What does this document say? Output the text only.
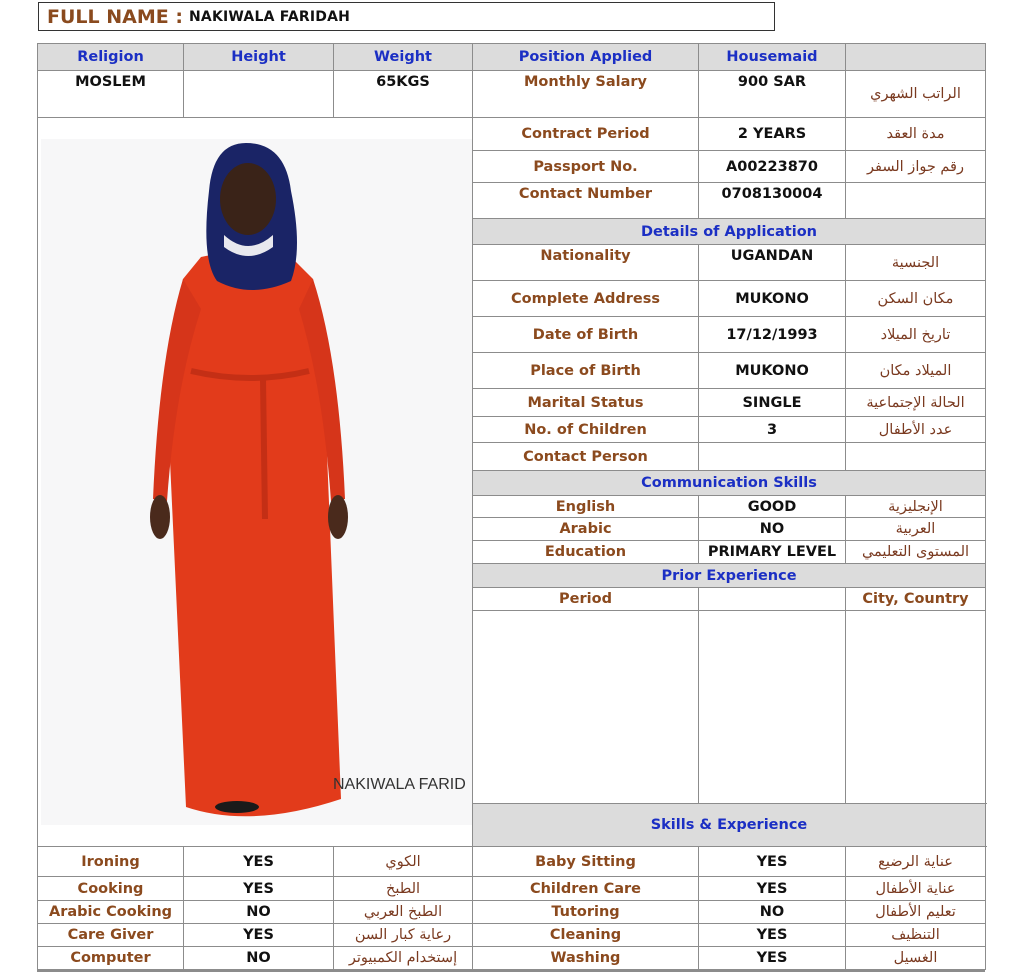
FULL NAME : NAKIWALA FARIDAH
Religion	Height	Weight	Position Applied	Housemaid		
MOSLEM		65KGS	Monthly Salary	900 SAR	الراتب الشهري	

NAKIWALA FARID			Contract Period	2 YEARS	مدة العقد	
			Passport No.	A00223870	رقم جواز السفر	
			Contact Number	0708130004		
			Details of Application			
			Nationality	UGANDAN	الجنسية	
			Complete Address	MUKONO	مكان السكن	
			Date of Birth	17/12/1993	تاريخ الميلاد	
			Place of Birth	MUKONO	الميلاد مكان	
			Marital Status	SINGLE	الحالة الإجتماعية	
			No. of Children	3	عدد الأطفال	
			Contact Person			
			Communication Skills			
			English	GOOD	الإنجليزية	
			Arabic	NO	العربية	
			Education	PRIMARY LEVEL	المستوى التعليمي	
			Prior Experience			
			Period		City, Country	

			Skills & Experience	
Ironing	YES	الكوي	Baby Sitting	YES	عناية الرضيع	
Cooking	YES	الطبخ	Children Care	YES	عناية الأطفال	
Arabic Cooking	NO	الطبخ العربي	Tutoring	NO	تعليم الأطفال	
Care Giver	YES	رعاية كبار السن	Cleaning	YES	التنظيف	
Computer	NO	إستخدام الكمبيوتر	Washing	YES	الغسيل	
